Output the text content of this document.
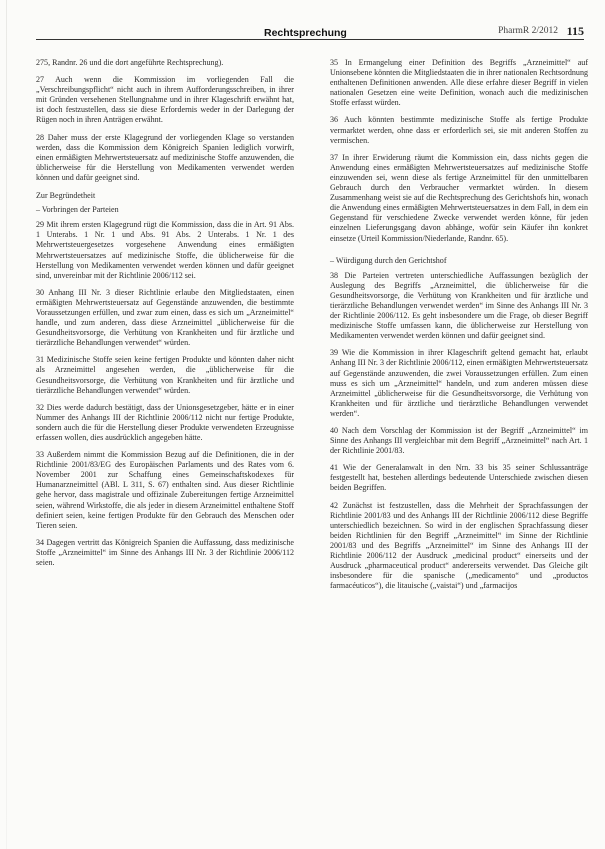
Rechtsprechung	PharmR 2/2012 115

275, Randnr. 26 und die dort angeführte Rechtsprechung).

27 Auch wenn die Kommission im vorliegenden Fall die „Verschreibungspflicht“ nicht auch in ihrem Aufforderungsschreiben, in ihrer mit Gründen versehenen Stellungnahme und in ihrer Klageschrift erwähnt hat, ist doch festzustellen, dass sie diese Erfordernis weder in der Darlegung der Rügen noch in ihren Anträgen erwähnt.

28 Daher muss der erste Klagegrund der vorliegenden Klage so verstanden werden, dass die Kommission dem Königreich Spanien lediglich vorwirft, einen ermäßigten Mehrwertsteuersatz auf medizinische Stoffe anzuwenden, die üblicherweise für die Herstellung von Medikamenten verwendet werden können und dafür geeignet sind.

Zur Begründetheit
– Vorbringen der Parteien

29 Mit ihrem ersten Klagegrund rügt die Kommission, dass die in Art. 91 Abs. 1 Unterabs. 1 Nr. 1 und Abs. 91 Abs. 2 Unterabs. 1 Nr. 1 des Mehrwertsteuergesetzes vorgesehene Anwendung eines ermäßigten Mehrwertsteuersatzes auf medizinische Stoffe, die üblicherweise für die Herstellung von Medikamenten verwendet werden können und dafür geeignet sind, unvereinbar mit der Richtlinie 2006/112 sei.

30 Anhang III Nr. 3 dieser Richtlinie erlaube den Mitgliedstaaten, einen ermäßigten Mehrwertsteuersatz auf Gegenstände anzuwenden, die bestimmte Voraussetzungen erfüllen, und zwar zum einen, dass es sich um „Arzneimittel“ handle, und zum anderen, dass diese Arzneimittel „üblicherweise für die Gesundheitsvorsorge, die Verhütung von Krankheiten und für ärztliche und tierärztliche Behandlungen verwendet“ würden.

31 Medizinische Stoffe seien keine fertigen Produkte und könnten daher nicht als Arzneimittel angesehen werden, die „üblicherweise für die Gesundheitsvorsorge, die Verhütung von Krankheiten und für ärztliche und tierärztliche Behandlungen verwendet“ würden.

32 Dies werde dadurch bestätigt, dass der Unionsgesetzgeber, hätte er in einer Nummer des Anhangs III der Richtlinie 2006/112 nicht nur fertige Produkte, sondern auch die für die Herstellung dieser Produkte verwendeten Erzeugnisse erfassen wollen, dies ausdrücklich angegeben hätte.

33 Außerdem nimmt die Kommission Bezug auf die Definitionen, die in der Richtlinie 2001/83/EG des Europäischen Parlaments und des Rates vom 6. November 2001 zur Schaffung eines Gemeinschaftskodexes für Humanarzneimittel (ABl. L 311, S. 67) enthalten sind. Aus dieser Richtlinie gehe hervor, dass magistrale und offizinale Zubereitungen fertige Arzneimittel seien, während Wirkstoffe, die als jeder in diesem Arzneimittel enthaltene Stoff definiert seien, keine fertigen Produkte für den Gebrauch des Menschen oder Tieren seien.

34 Dagegen vertritt das Königreich Spanien die Auffassung, dass medizinische Stoffe „Arzneimittel“ im Sinne des Anhangs III Nr. 3 der Richtlinie 2006/112 seien.

35 In Ermangelung einer Definition des Begriffs „Arzneimittel“ auf Unionsebene könnten die Mitgliedstaaten die in ihrer nationalen Rechtsordnung enthaltenen Definitionen anwenden. Alle diese erfahre dieser Begriff in vielen nationalen Gesetzen eine weite Definition, wonach auch die medizinischen Stoffe erfasst würden.

36 Auch könnten bestimmte medizinische Stoffe als fertige Produkte vermarktet werden, ohne dass er erforderlich sei, sie mit anderen Stoffen zu vermischen.

37 In ihrer Erwiderung räumt die Kommission ein, dass nichts gegen die Anwendung eines ermäßigten Mehrwertsteuersatzes auf medizinische Stoffe einzuwenden sei, wenn diese als fertige Arzneimittel für den unmittelbaren Gebrauch durch den Verbraucher vermarktet würden. In diesem Zusammenhang weist sie auf die Rechtsprechung des Gerichtshofs hin, wonach die Anwendung eines ermäßigten Mehrwertsteuersatzes in dem Fall, in dem ein Gegenstand für verschiedene Zwecke verwendet werden könne, für jeden einzelnen Lieferungsgang davon abhänge, wofür sein Käufer ihn konkret einsetze (Urteil Kommission/Niederlande, Randnr. 65).

– Würdigung durch den Gerichtshof

38 Die Parteien vertreten unterschiedliche Auffassungen bezüglich der Auslegung des Begriffs „Arzneimittel, die üblicherweise für die Gesundheitsvorsorge, die Verhütung von Krankheiten und für ärztliche und tierärztliche Behandlungen verwendet werden“ im Sinne des Anhangs III Nr. 3 der Richtlinie 2006/112. Es geht insbesondere um die Frage, ob dieser Begriff medizinische Stoffe umfassen kann, die üblicherweise zur Herstellung von Medikamenten verwendet werden können und dafür geeignet sind.

39 Wie die Kommission in ihrer Klageschrift geltend gemacht hat, erlaubt Anhang III Nr. 3 der Richtlinie 2006/112, einen ermäßigten Mehrwertsteuersatz auf Gegenstände anzuwenden, die zwei Voraussetzungen erfüllen. Zum einen muss es sich um „Arzneimittel“ handeln, und zum anderen müssen diese Arzneimittel „üblicherweise für die Gesundheitsvorsorge, die Verhütung von Krankheiten und für ärztliche und tierärztliche Behandlungen verwendet werden“.

40 Nach dem Vorschlag der Kommission ist der Begriff „Arzneimittel“ im Sinne des Anhangs III vergleichbar mit dem Begriff „Arzneimittel“ nach Art. 1 der Richtlinie 2001/83.

41 Wie der Generalanwalt in den Nrn. 33 bis 35 seiner Schlussanträge festgestellt hat, bestehen allerdings bedeutende Unterschiede zwischen diesen beiden Begriffen.

42 Zunächst ist festzustellen, dass die Mehrheit der Sprachfassungen der Richtlinie 2001/83 und des Anhangs III der Richtlinie 2006/112 diese Begriffe unterschiedlich bezeichnen. So wird in der englischen Sprachfassung dieser beiden Richtlinien für den Begriff „Arzneimittel“ im Sinne der Richtlinie 2001/83 und des Begriffs „Arzneimittel“ im Sinne des Anhangs III der Richtlinie 2006/112 der Ausdruck „medicinal product“ einerseits und der Ausdruck „pharmaceutical product“ andererseits verwendet. Das Gleiche gilt insbesondere für die spanische („medicamento“ und „productos farmacéuticos“), die litauische („vaistai“) und „farmacijos
